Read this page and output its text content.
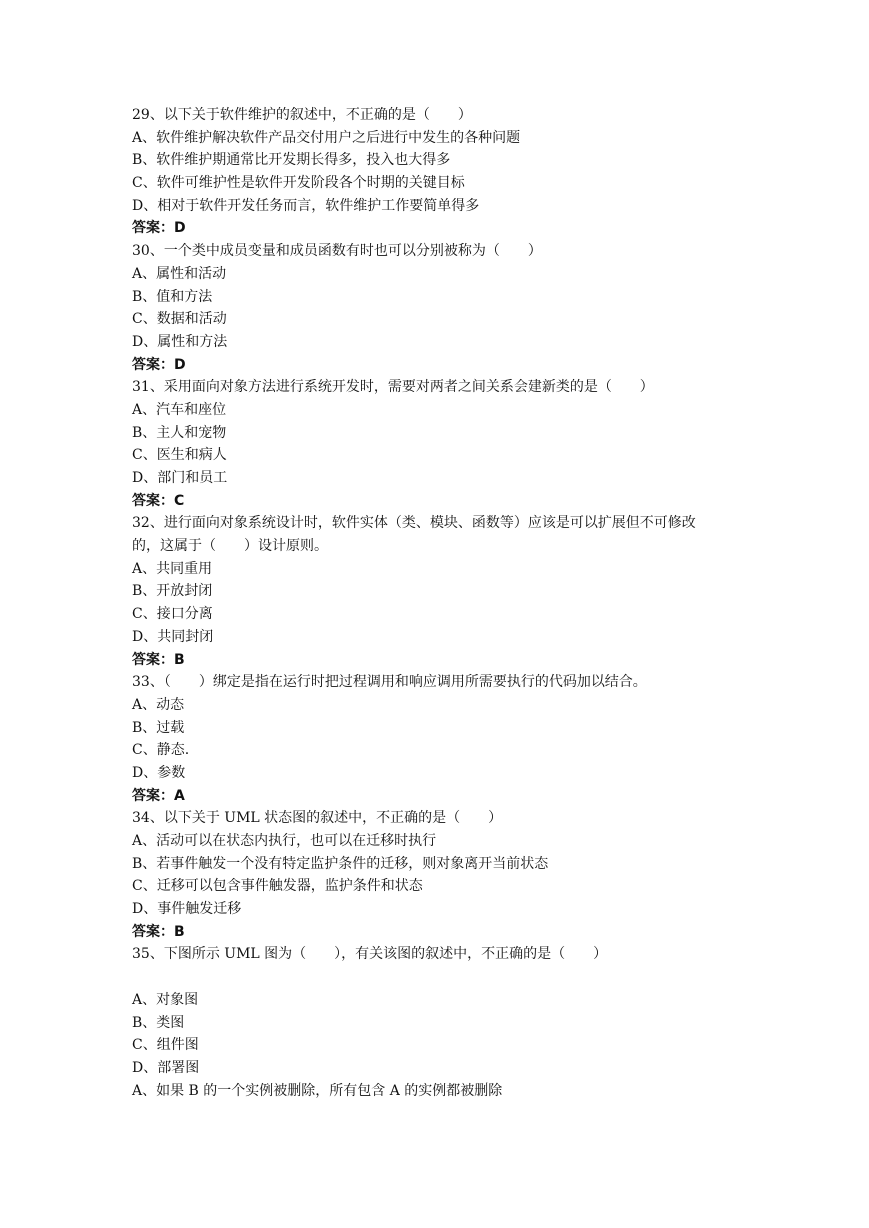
29、以下关于软件维护的叙述中，不正确的是（　　）
A、软件维护解决软件产品交付用户之后进行中发生的各种问题
B、软件维护期通常比开发期长得多，投入也大得多
C、软件可维护性是软件开发阶段各个时期的关键目标
D、相对于软件开发任务而言，软件维护工作要简单得多
答案：D
30、一个类中成员变量和成员函数有时也可以分别被称为（　　）
A、属性和活动
B、值和方法
C、数据和活动
D、属性和方法
答案：D
31、采用面向对象方法进行系统开发时，需要对两者之间关系会建新类的是（　　）
A、汽车和座位
B、主人和宠物
C、医生和病人
D、部门和员工
答案：C
32、进行面向对象系统设计时，软件实体（类、模块、函数等）应该是可以扩展但不可修改
的，这属于（　　）设计原则。
A、共同重用
B、开放封闭
C、接口分离
D、共同封闭
答案：B
33、（　　）绑定是指在运行时把过程调用和响应调用所需要执行的代码加以结合。
A、动态
B、过载
C、静态.
D、参数
答案：A
34、以下关于 UML 状态图的叙述中，不正确的是（　　）
A、活动可以在状态内执行，也可以在迁移时执行
B、若事件触发一个没有特定监护条件的迁移，则对象离开当前状态
C、迁移可以包含事件触发器，监护条件和状态
D、事件触发迁移
答案：B
35、下图所示 UML 图为（　　），有关该图的叙述中，不正确的是（　　）
A、对象图
B、类图
C、组件图
D、部署图
A、如果 B 的一个实例被删除，所有包含 A 的实例都被删除
